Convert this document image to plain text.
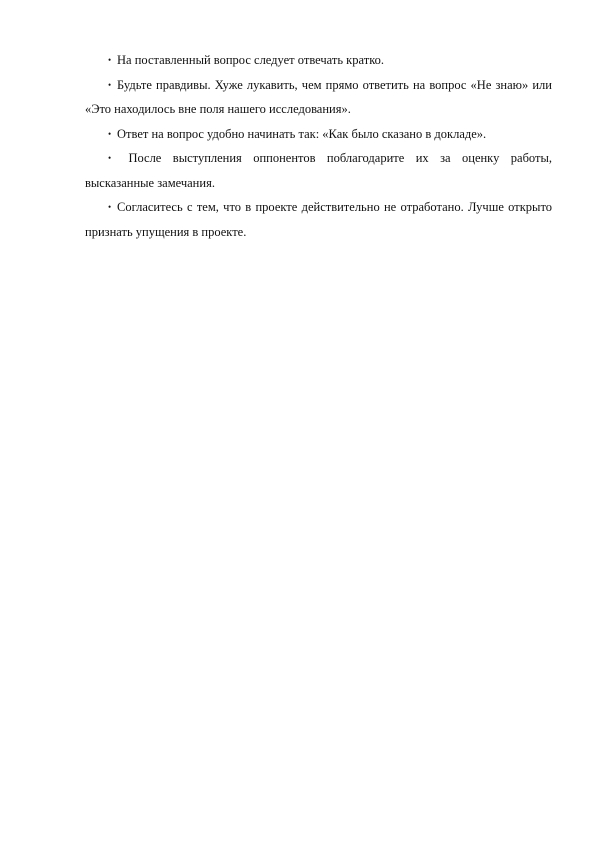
• На поставленный вопрос следует отвечать кратко.

• Будьте правдивы. Хуже лукавить, чем прямо ответить на вопрос «Не знаю» или «Это находилось вне поля нашего исследования».

• Ответ на вопрос удобно начинать так: «Как было сказано в докладе».

• После выступления оппонентов поблагодарите их за оценку работы, высказанные замечания.

• Согласитесь с тем, что в проекте действительно не отработано. Лучше открыто признать упущения в проекте.
